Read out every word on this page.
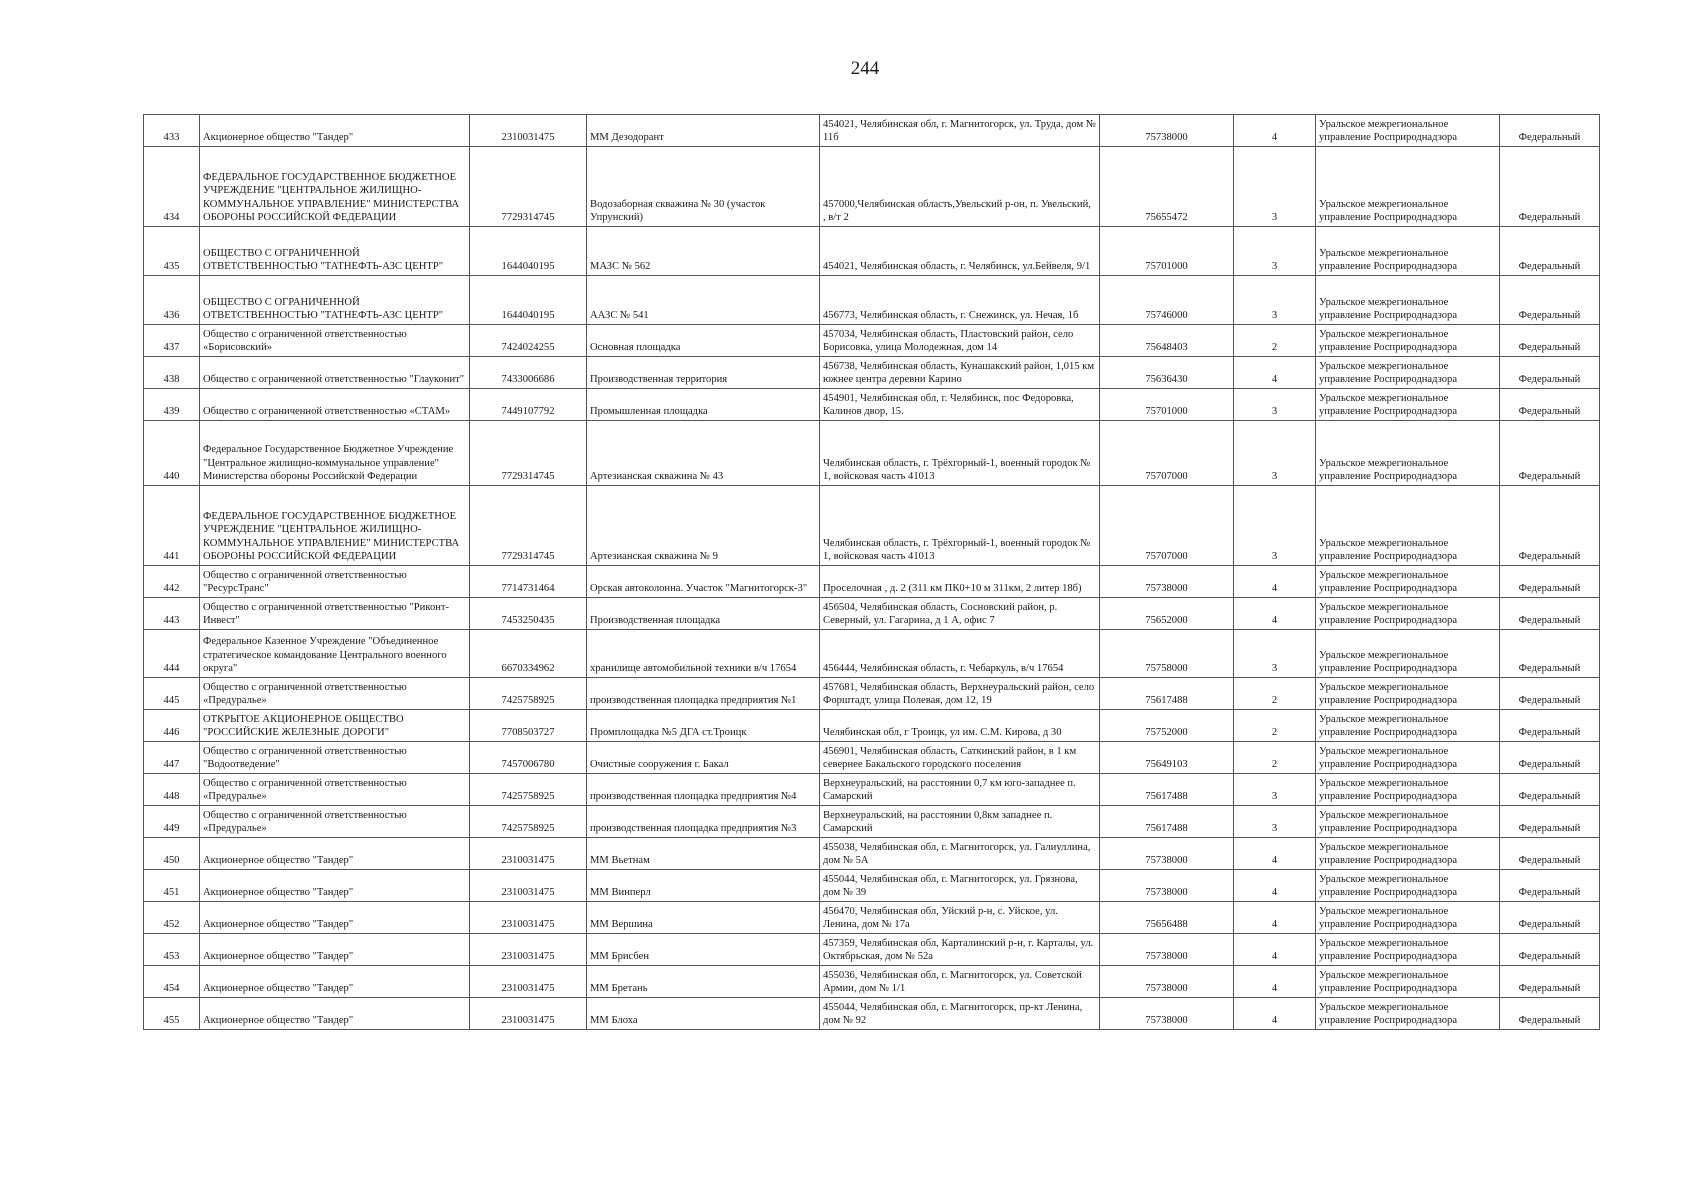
244
433	Акционерное общество "Тандер"	2310031475	ММ Дезодорант	454021, Челябинская обл, г. Магнитогорск, ул. Труда, дом № 11б	75738000	4	Уральское межрегиональное управление Росприроднадзора	Федеральный
434	ФЕДЕРАЛЬНОЕ ГОСУДАРСТВЕННОЕ БЮДЖЕТНОЕ УЧРЕЖДЕНИЕ "ЦЕНТРАЛЬНОЕ ЖИЛИЩНО-КОММУНАЛЬНОЕ УПРАВЛЕНИЕ" МИНИСТЕРСТВА ОБОРОНЫ РОССИЙСКОЙ ФЕДЕРАЦИИ	7729314745	Водозаборная скважина № 30 (участок Упрунский)	457000,Челябинская область,Увельский р-он, п. Увельский, , в/т 2	75655472	3	Уральское межрегиональное управление Росприроднадзора	Федеральный
435	ОБЩЕСТВО С ОГРАНИЧЕННОЙ ОТВЕТСТВЕННОСТЬЮ "ТАТНЕФТЬ-АЗС ЦЕНТР"	1644040195	МАЗС № 562	454021, Челябинская область, г. Челябинск, ул.Бейвеля, 9/1	75701000	3	Уральское межрегиональное управление Росприроднадзора	Федеральный
436	ОБЩЕСТВО С ОГРАНИЧЕННОЙ ОТВЕТСТВЕННОСТЬЮ "ТАТНЕФТЬ-АЗС ЦЕНТР"	1644040195	ААЗС № 541	456773, Челябинская область, г. Снежинск, ул. Нечая, 1б	75746000	3	Уральское межрегиональное управление Росприроднадзора	Федеральный
437	Общество с ограниченной ответственностью «Борисовский»	7424024255	Основная площадка	457034, Челябинская область, Пластовский район, село Борисовка, улица Молодежная, дом 14	75648403	2	Уральское межрегиональное управление Росприроднадзора	Федеральный
438	Общество с ограниченной ответственностью "Глауконит"	7433006686	Производственная территория	456738, Челябинская область, Кунашакский район, 1,015 км южнее центра деревни Карино	75636430	4	Уральское межрегиональное управление Росприроднадзора	Федеральный
439	Общество с ограниченной ответственностью «СТАМ»	7449107792	Промышленная площадка	454901, Челябинская обл, г. Челябинск, пос Федоровка, Калинов двор, 15.	75701000	3	Уральское межрегиональное управление Росприроднадзора	Федеральный
440	Федеральное Государственное Бюджетное Учреждение "Центральное жилищно-коммунальное управление" Министерства обороны Российской Федерации	7729314745	Артезианская скважина № 43	Челябинская область, г. Трёхгорный-1, военный городок № 1, войсковая часть 41013	75707000	3	Уральское межрегиональное управление Росприроднадзора	Федеральный
441	ФЕДЕРАЛЬНОЕ ГОСУДАРСТВЕННОЕ БЮДЖЕТНОЕ УЧРЕЖДЕНИЕ "ЦЕНТРАЛЬНОЕ ЖИЛИЩНО-КОММУНАЛЬНОЕ УПРАВЛЕНИЕ" МИНИСТЕРСТВА ОБОРОНЫ РОССИЙСКОЙ ФЕДЕРАЦИИ	7729314745	Артезианская скважина № 9	Челябинская область, г. Трёхгорный-1, военный городок № 1, войсковая часть 41013	75707000	3	Уральское межрегиональное управление Росприроднадзора	Федеральный
442	Общество с ограниченной ответственностью "РесурсТранс"	7714731464	Орская автоколонна. Участок "Магнитогорск-3"	Проселочная , д. 2 (311 км ПК0+10 м 311км, 2 литер 18б)	75738000	4	Уральское межрегиональное управление Росприроднадзора	Федеральный
443	Общество с ограниченной ответственностью "Риконт-Инвест"	7453250435	Производственная площадка	456504, Челябинская область, Сосновский район, р. Северный, ул. Гагарина, д 1 А, офис 7	75652000	4	Уральское межрегиональное управление Росприроднадзора	Федеральный
444	Федеральное Казенное Учреждение "Объединенное стратегическое командование Центрального военного округа"	6670334962	хранилище автомобильной техники в/ч 17654	456444, Челябинская область, г. Чебаркуль, в/ч 17654	75758000	3	Уральское межрегиональное управление Росприроднадзора	Федеральный
445	Общество с ограниченной ответственностью «Предуралье»	7425758925	производственная площадка предприятия №1	457681, Челябинская область, Верхнеуральский район, село Форштадт, улица Полевая, дом 12, 19	75617488	2	Уральское межрегиональное управление Росприроднадзора	Федеральный
446	ОТКРЫТОЕ АКЦИОНЕРНОЕ ОБЩЕСТВО "РОССИЙСКИЕ ЖЕЛЕЗНЫЕ ДОРОГИ"	7708503727	Промплощадка №5 ДГА ст.Троицк	Челябинская обл, г Троицк, ул им. С.М. Кирова, д 30	75752000	2	Уральское межрегиональное управление Росприроднадзора	Федеральный
447	Общество с ограниченной ответственностью "Водоотведение"	7457006780	Очистные сооружения г. Бакал	456901, Челябинская область, Саткинский район, в 1 км севернее Бакальского городского поселения	75649103	2	Уральское межрегиональное управление Росприроднадзора	Федеральный
448	Общество с ограниченной ответственностью «Предуралье»	7425758925	производственная площадка предприятия №4	Верхнеуральский, на расстоянии 0,7 км юго-западнее п. Самарский	75617488	3	Уральское межрегиональное управление Росприроднадзора	Федеральный
449	Общество с ограниченной ответственностью «Предуралье»	7425758925	производственная площадка предприятия №3	Верхнеуральский, на расстоянии 0,8км западнее п. Самарский	75617488	3	Уральское межрегиональное управление Росприроднадзора	Федеральный
450	Акционерное общество "Тандер"	2310031475	ММ Вьетнам	455038, Челябинская обл, г. Магнитогорск, ул. Галиуллина, дом № 5А	75738000	4	Уральское межрегиональное управление Росприроднадзора	Федеральный
451	Акционерное общество "Тандер"	2310031475	ММ Винперл	455044, Челябинская обл, г. Магнитогорск, ул. Грязнова, дом № 39	75738000	4	Уральское межрегиональное управление Росприроднадзора	Федеральный
452	Акционерное общество "Тандер"	2310031475	ММ Вершина	456470, Челябинская обл, Уйский р-н, с. Уйское, ул. Ленина, дом № 17а	75656488	4	Уральское межрегиональное управление Росприроднадзора	Федеральный
453	Акционерное общество "Тандер"	2310031475	ММ Брисбен	457359, Челябинская обл, Карталинский р-н, г. Карталы, ул. Октябрьская, дом № 52а	75738000	4	Уральское межрегиональное управление Росприроднадзора	Федеральный
454	Акционерное общество "Тандер"	2310031475	ММ Бретань	455036, Челябинская обл, г. Магнитогорск, ул. Советской Армии, дом № 1/1	75738000	4	Уральское межрегиональное управление Росприроднадзора	Федеральный
455	Акционерное общество "Тандер"	2310031475	ММ Блоха	455044, Челябинская обл, г. Магнитогорск, пр-кт Ленина, дом № 92	75738000	4	Уральское межрегиональное управление Росприроднадзора	Федеральный
